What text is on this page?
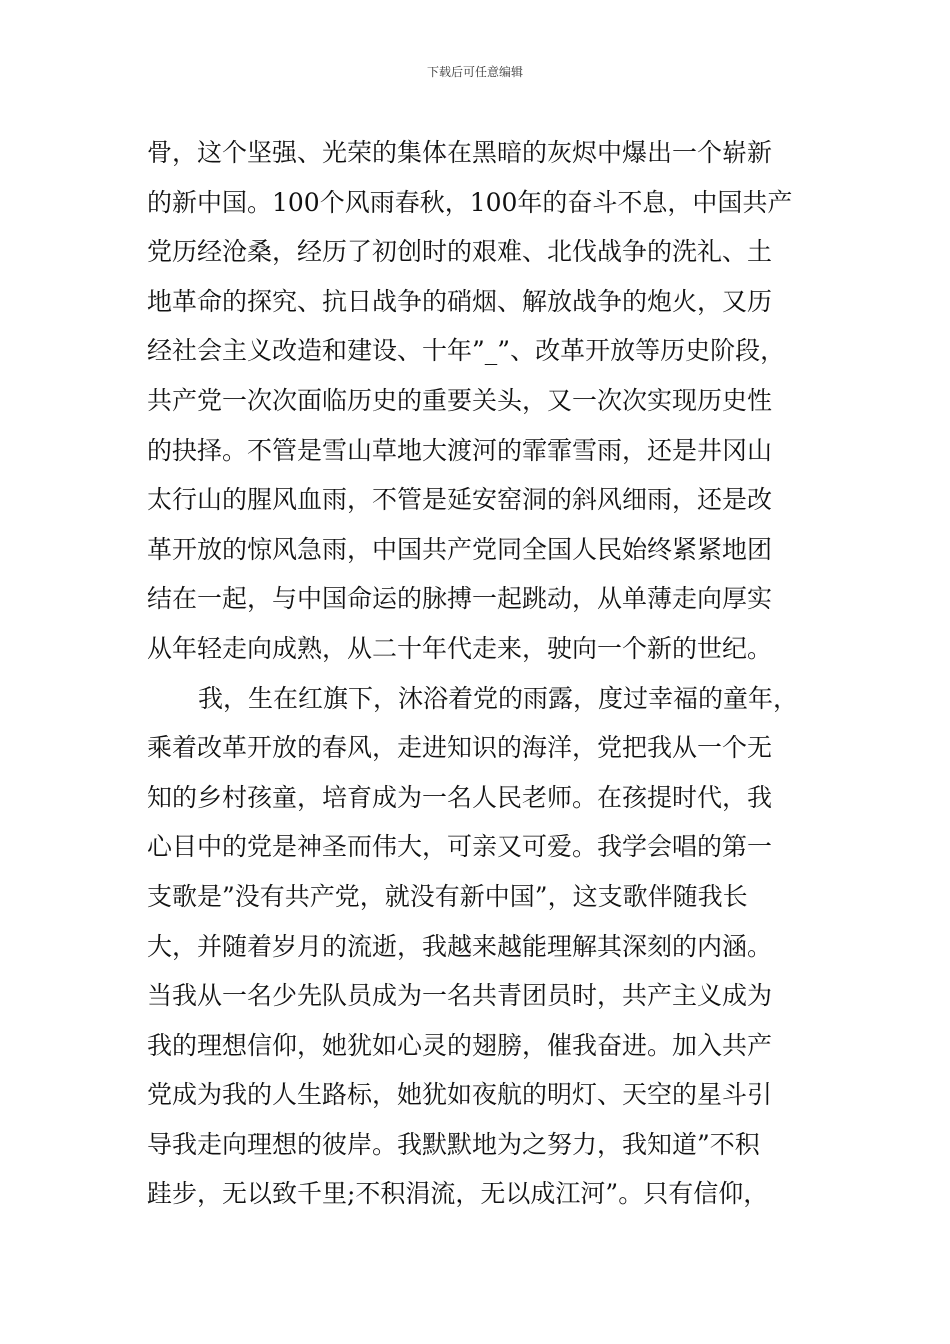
下载后可任意编辑
骨，这个坚强、光荣的集体在黑暗的灰烬中爆出一个崭新
的新中国。100个风雨春秋，100年的奋斗不息，中国共产
党历经沧桑，经历了初创时的艰难、北伐战争的洗礼、土
地革命的探究、抗日战争的硝烟、解放战争的炮火，又历
经社会主义改造和建设、十年”_”、改革开放等历史阶段，
共产党一次次面临历史的重要关头，又一次次实现历史性
的抉择。不管是雪山草地大渡河的霏霏雪雨，还是井冈山
太行山的腥风血雨，不管是延安窑洞的斜风细雨，还是改
革开放的惊风急雨，中国共产党同全国人民始终紧紧地团
结在一起，与中国命运的脉搏一起跳动，从单薄走向厚实
从年轻走向成熟，从二十年代走来，驶向一个新的世纪。
我，生在红旗下，沐浴着党的雨露，度过幸福的童年，
乘着改革开放的春风，走进知识的海洋，党把我从一个无
知的乡村孩童，培育成为一名人民老师。在孩提时代，我
心目中的党是神圣而伟大，可亲又可爱。我学会唱的第一
支歌是”没有共产党，就没有新中国”，这支歌伴随我长
大，并随着岁月的流逝，我越来越能理解其深刻的内涵。
当我从一名少先队员成为一名共青团员时，共产主义成为
我的理想信仰，她犹如心灵的翅膀，催我奋进。加入共产
党成为我的人生路标，她犹如夜航的明灯、天空的星斗引
导我走向理想的彼岸。我默默地为之努力，我知道”不积
跬步，无以致千里;不积涓流，无以成江河”。只有信仰，
